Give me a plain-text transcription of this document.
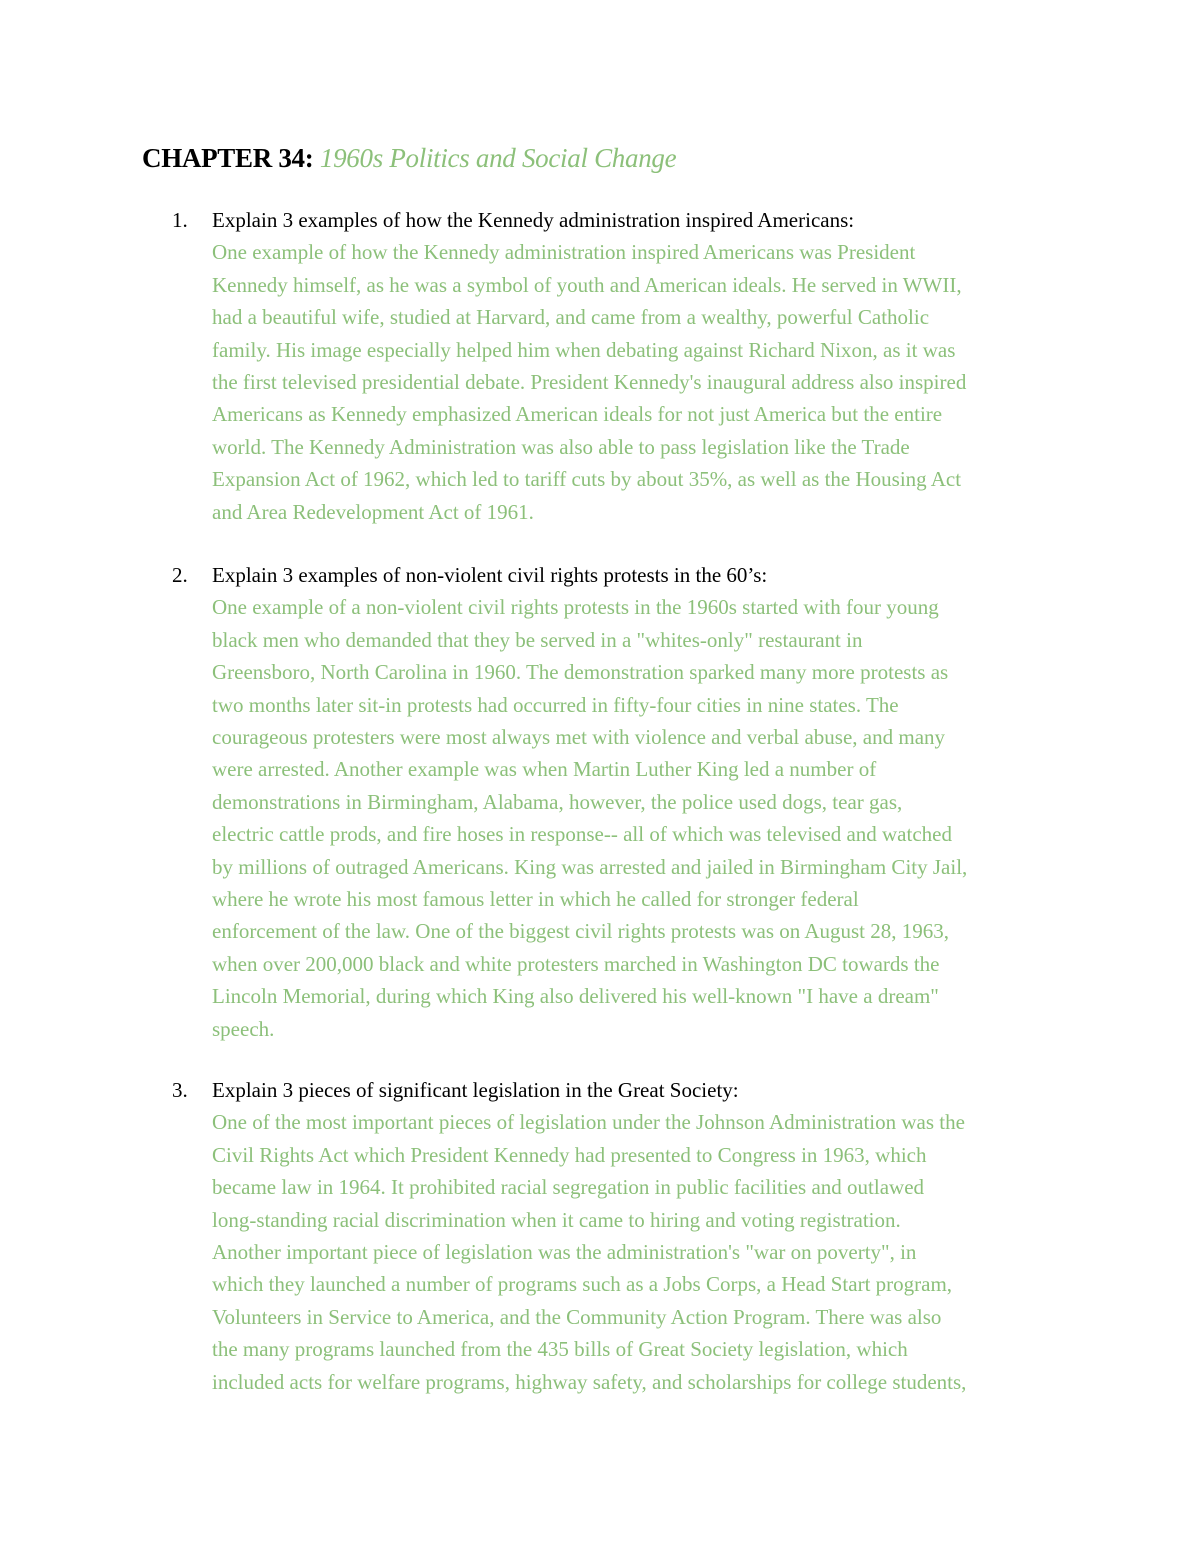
CHAPTER 34: 1960s Politics and Social Change
1.	Explain 3 examples of how the Kennedy administration inspired Americans:
One example of how the Kennedy administration inspired Americans was President
Kennedy himself, as he was a symbol of youth and American ideals. He served in WWII,
had a beautiful wife, studied at Harvard, and came from a wealthy, powerful Catholic
family. His image especially helped him when debating against Richard Nixon, as it was
the first televised presidential debate. President Kennedy's inaugural address also inspired
Americans as Kennedy emphasized American ideals for not just America but the entire
world. The Kennedy Administration was also able to pass legislation like the Trade
Expansion Act of 1962, which led to tariff cuts by about 35%, as well as the Housing Act
and Area Redevelopment Act of 1961.
2.	Explain 3 examples of non-violent civil rights protests in the 60’s:
One example of a non-violent civil rights protests in the 1960s started with four young
black men who demanded that they be served in a "whites-only" restaurant in
Greensboro, North Carolina in 1960. The demonstration sparked many more protests as
two months later sit-in protests had occurred in fifty-four cities in nine states. The
courageous protesters were most always met with violence and verbal abuse, and many
were arrested. Another example was when Martin Luther King led a number of
demonstrations in Birmingham, Alabama, however, the police used dogs, tear gas,
electric cattle prods, and fire hoses in response-- all of which was televised and watched
by millions of outraged Americans. King was arrested and jailed in Birmingham City Jail,
where he wrote his most famous letter in which he called for stronger federal
enforcement of the law. One of the biggest civil rights protests was on August 28, 1963,
when over 200,000 black and white protesters marched in Washington DC towards the
Lincoln Memorial, during which King also delivered his well-known "I have a dream"
speech.
3.	Explain 3 pieces of significant legislation in the Great Society:
One of the most important pieces of legislation under the Johnson Administration was the
Civil Rights Act which President Kennedy had presented to Congress in 1963, which
became law in 1964. It prohibited racial segregation in public facilities and outlawed
long-standing racial discrimination when it came to hiring and voting registration.
Another important piece of legislation was the administration's "war on poverty", in
which they launched a number of programs such as a Jobs Corps, a Head Start program,
Volunteers in Service to America, and the Community Action Program. There was also
the many programs launched from the 435 bills of Great Society legislation, which
included acts for welfare programs, highway safety, and scholarships for college students,
